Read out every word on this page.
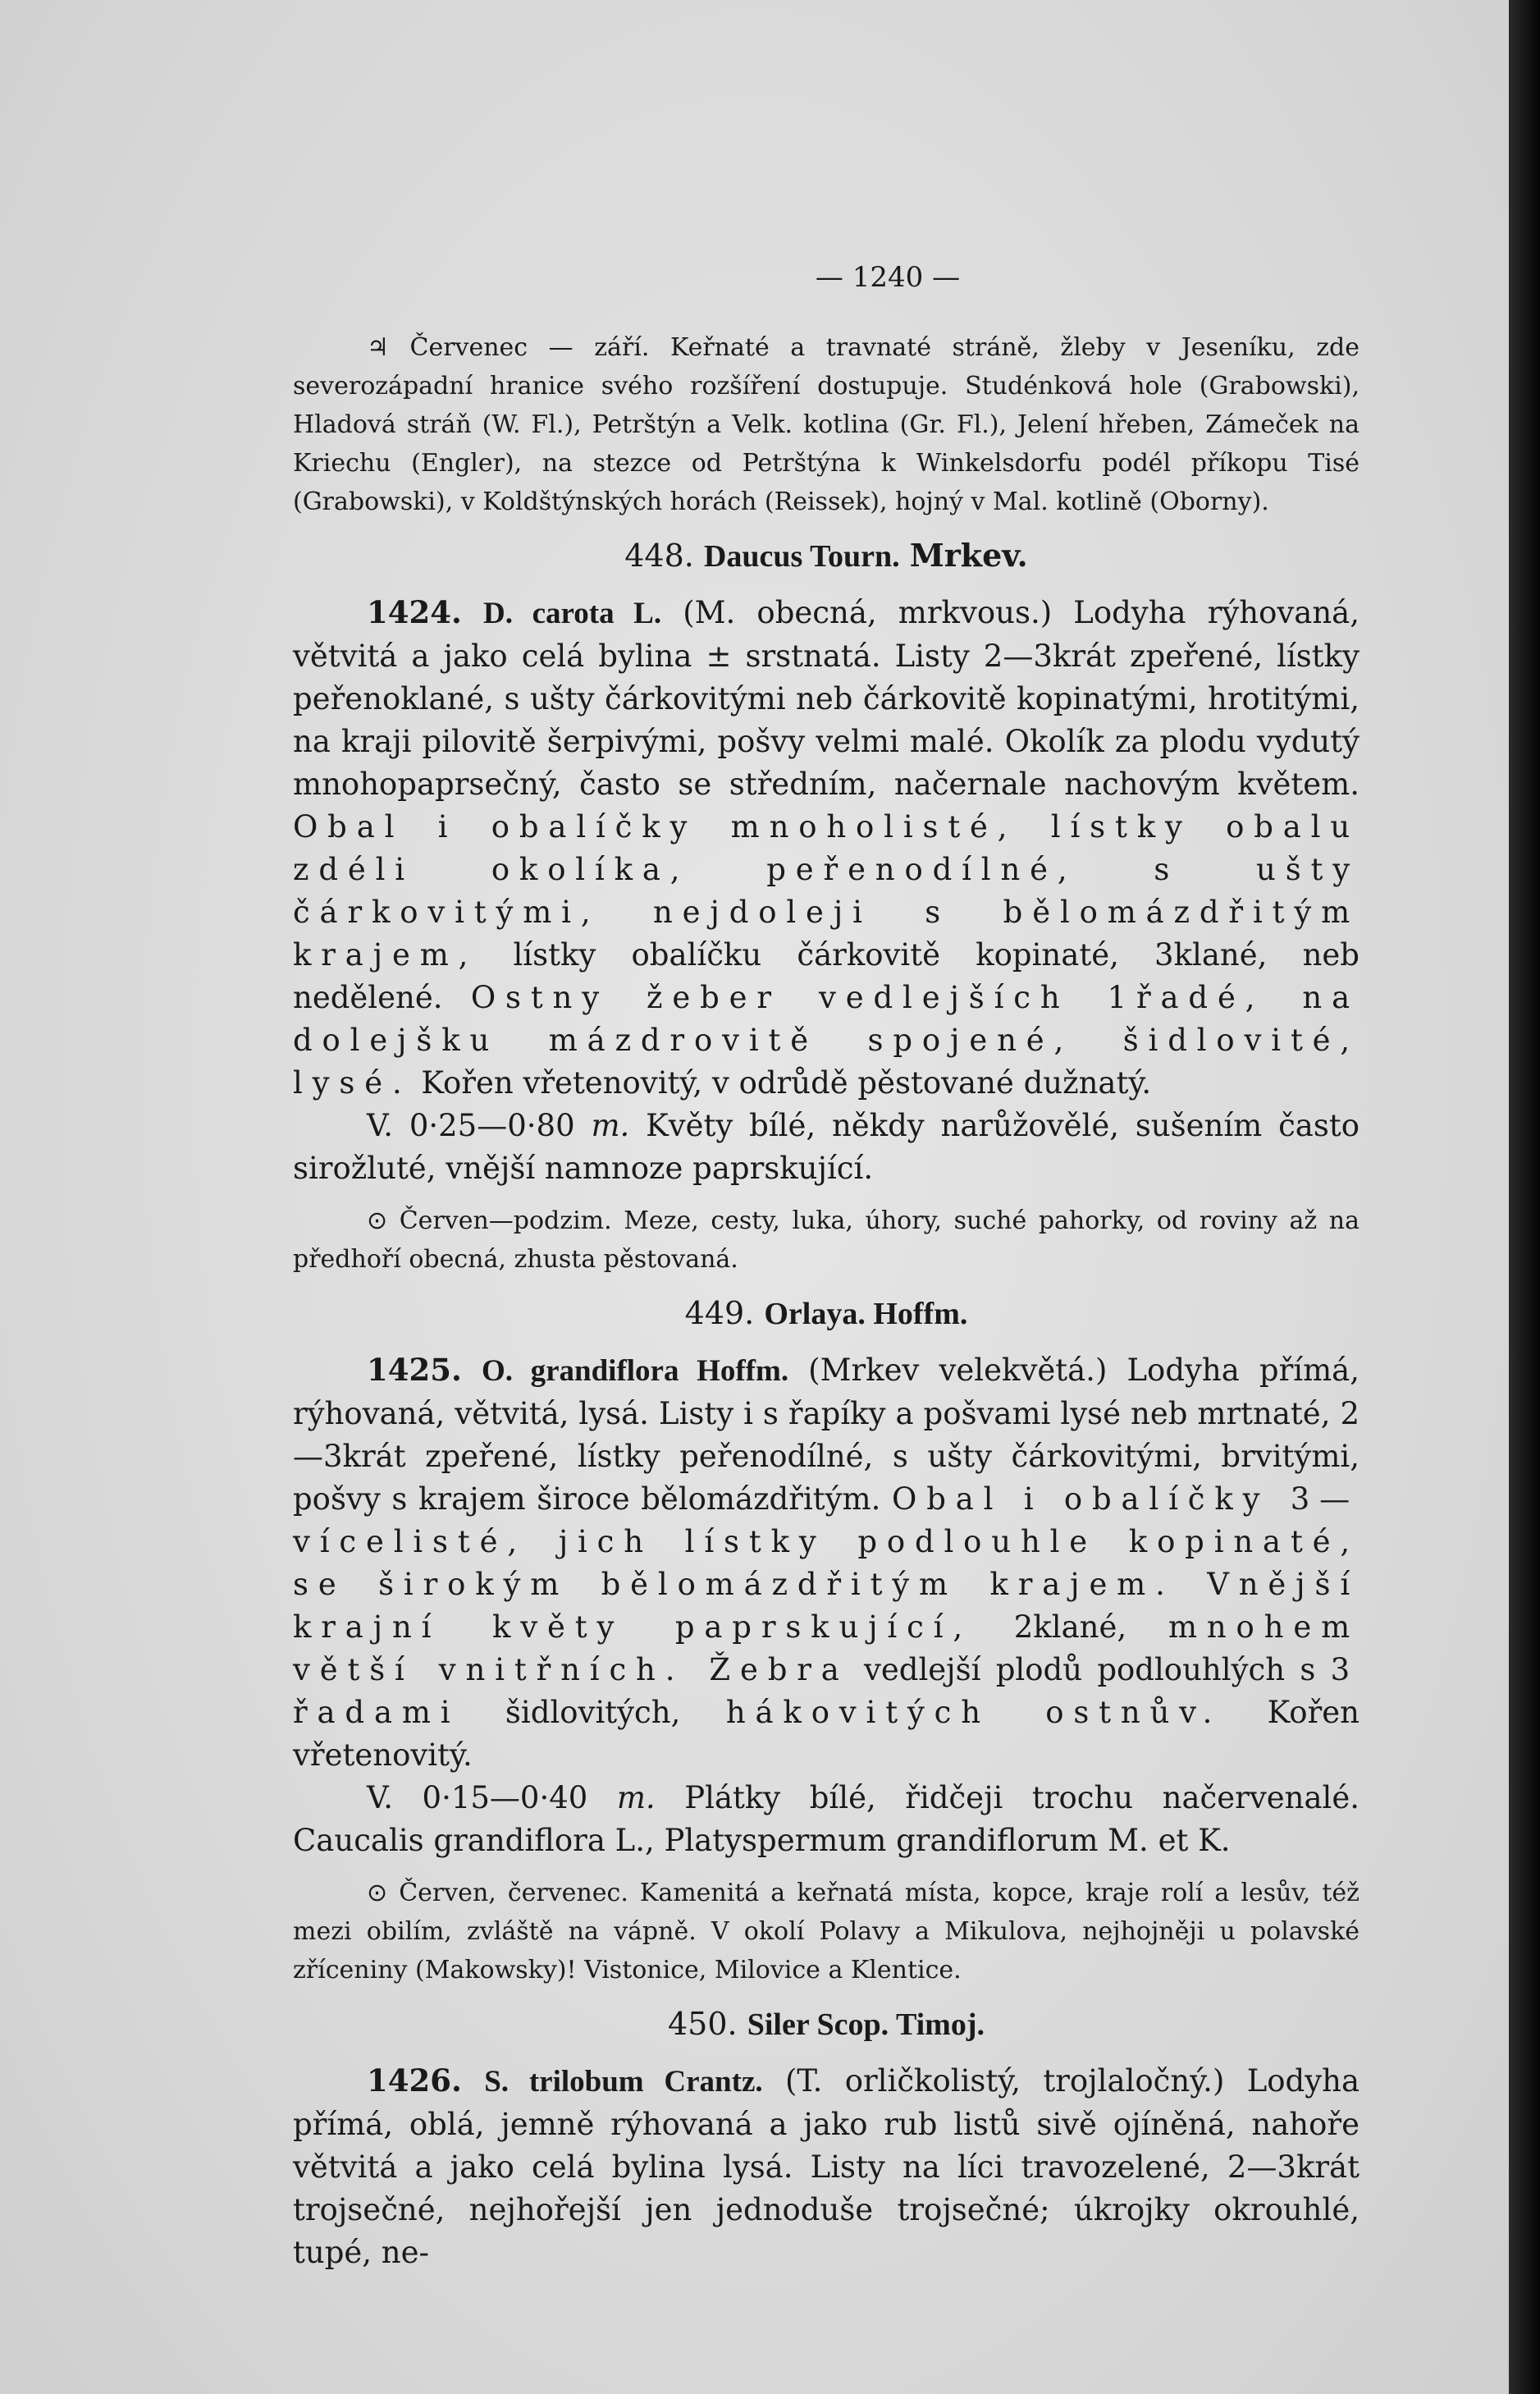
— 1240 —

♃ Červenec — září. Keřnaté a travnaté stráně, žleby v Jeseníku, zde severozápadní hranice svého rozšíření dostupuje. Studénková hole (Grabowski), Hladová stráň (W. Fl.), Petrštýn a Velk. kotlina (Gr. Fl.), Jelení hřeben, Zámeček na Kriechu (Engler), na stezce od Petrštýna k Winkelsdorfu podél příkopu Tisé (Grabowski), v Koldštýnských horách (Reissek), hojný v Mal. kotlině (Oborny).

448. Daucus Tourn. Mrkev.

1424. D. carota L. (M. obecná, mrkvous.) Lodyha rýhovaná, větvitá a jako celá bylina ± srstnatá. Listy 2—3krát zpeřené, lístky peřenoklané, s ušty čárkovitými neb čárkovitě kopinatými, hrotitými, na kraji pilovitě šerpivými, pošvy velmi malé. Okolík za plodu vydutý mnohopaprsečný, často se středním, načernale nachovým květem. Obal i obalíčky mnoholisté, lístky obalu zdéli okolíka, peřenodílné, s ušty čárkovitými, nejdoleji s bělomázdřitým krajem, lístky obalíčku čárkovitě kopinaté, 3klané, neb nedělené. Ostny žeber vedlejších 1řadé, na dolejšku mázdrovitě spojené, šidlovité, lysé. Kořen vřetenovitý, v odrůdě pěstované dužnatý.

V. 0·25—0·80 m. Květy bílé, někdy narůžovělé, sušením často sirožluté, vnější namnoze paprskující.

⊙ Červen—podzim. Meze, cesty, luka, úhory, suché pahorky, od roviny až na předhoří obecná, zhusta pěstovaná.

449. Orlaya. Hoffm.

1425. O. grandiflora Hoffm. (Mrkev velekvětá.) Lodyha přímá, rýhovaná, větvitá, lysá. Listy i s řapíky a pošvami lysé neb mrtnaté, 2—3krát zpeřené, lístky peřenodílné, s ušty čárkovitými, brvitými, pošvy s krajem široce bělomázdřitým. Obal i obalíčky 3—vícelisté, jich lístky podlouhle kopinaté, se širokým bělomázdřitým krajem. Vnější krajní květy paprskující, 2klané, mnohem větší vnitřních. Žebra vedlejší plodů podlouhlých s 3 řadami šidlovitých, hákovitých ostnův. Kořen vřetenovitý.

V. 0·15—0·40 m. Plátky bílé, řidčeji trochu načervenalé. Caucalis grandiflora L., Platyspermum grandiflorum M. et K.

⊙ Červen, červenec. Kamenitá a keřnatá místa, kopce, kraje rolí a lesův, též mezi obilím, zvláště na vápně. V okolí Polavy a Mikulova, nejhojněji u polavské zříceniny (Makowsky)! Vistonice, Milovice a Klentice.

450. Siler Scop. Timoj.

1426. S. trilobum Crantz. (T. orličkolistý, trojlaločný.) Lodyha přímá, oblá, jemně rýhovaná a jako rub listů sivě ojíněná, nahoře větvitá a jako celá bylina lysá. Listy na líci travozelené, 2—3krát trojsečné, nejhořejší jen jednoduše trojsečné; úkrojky okrouhlé, tupé, ne-
